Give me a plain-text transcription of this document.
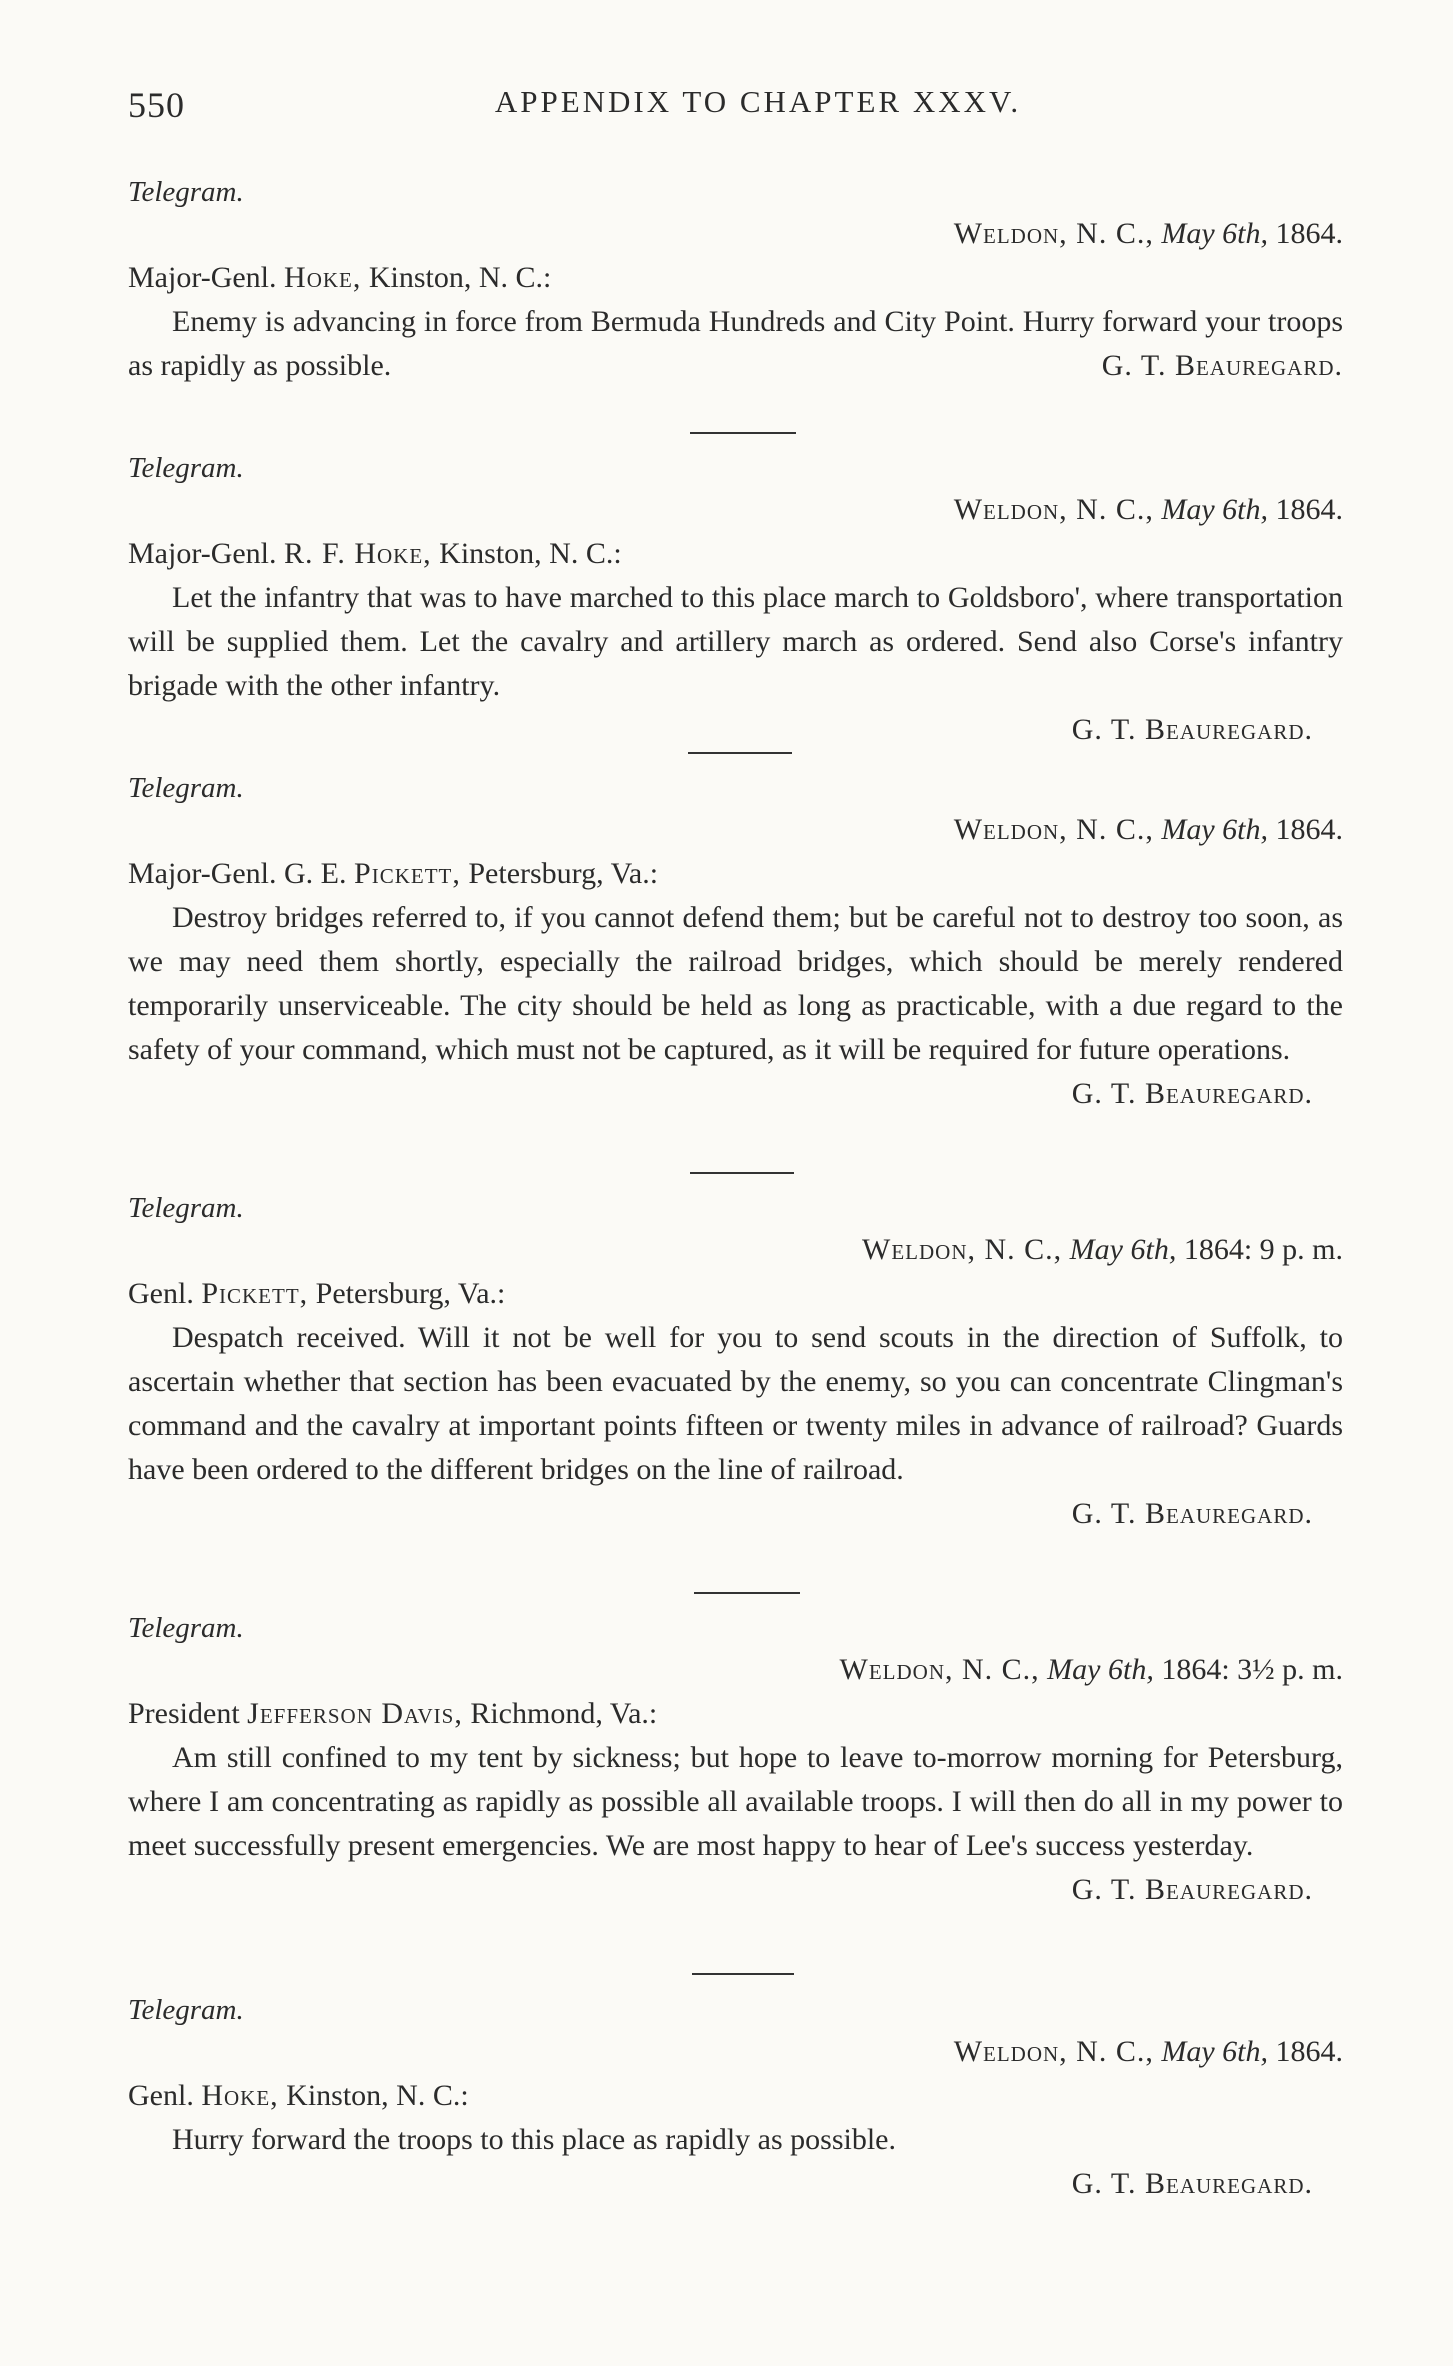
550	APPENDIX TO CHAPTER XXXV.
Telegram.
Weldon, N. C., May 6th, 1864.
Major-Genl. Hoke, Kinston, N. C.:
Enemy is advancing in force from Bermuda Hundreds and City Point. Hurry forward your troops as rapidly as possible.	G. T. Beauregard.
Telegram.
Weldon, N. C., May 6th, 1864.
Major-Genl. R. F. Hoke, Kinston, N. C.:
Let the infantry that was to have marched to this place march to Goldsboro', where transportation will be supplied them. Let the cavalry and artillery march as ordered. Send also Corse's infantry brigade with the other infantry.
G. T. Beauregard.
Telegram.
Weldon, N. C., May 6th, 1864.
Major-Genl. G. E. Pickett, Petersburg, Va.:
Destroy bridges referred to, if you cannot defend them; but be careful not to destroy too soon, as we may need them shortly, especially the railroad bridges, which should be merely rendered temporarily unserviceable. The city should be held as long as practicable, with a due regard to the safety of your command, which must not be captured, as it will be required for future operations.
G. T. Beauregard.
Telegram.
Weldon, N. C., May 6th, 1864: 9 p. m.
Genl. Pickett, Petersburg, Va.:
Despatch received. Will it not be well for you to send scouts in the direction of Suffolk, to ascertain whether that section has been evacuated by the enemy, so you can concentrate Clingman's command and the cavalry at important points fifteen or twenty miles in advance of railroad? Guards have been ordered to the different bridges on the line of railroad.
G. T. Beauregard.
Telegram.
Weldon, N. C., May 6th, 1864: 3½ p. m.
President Jefferson Davis, Richmond, Va.:
Am still confined to my tent by sickness; but hope to leave to-morrow morning for Petersburg, where I am concentrating as rapidly as possible all available troops. I will then do all in my power to meet successfully present emergencies. We are most happy to hear of Lee's success yesterday.
G. T. Beauregard.
Telegram.
Weldon, N. C., May 6th, 1864.
Genl. Hoke, Kinston, N. C.:
Hurry forward the troops to this place as rapidly as possible.
G. T. Beauregard.
